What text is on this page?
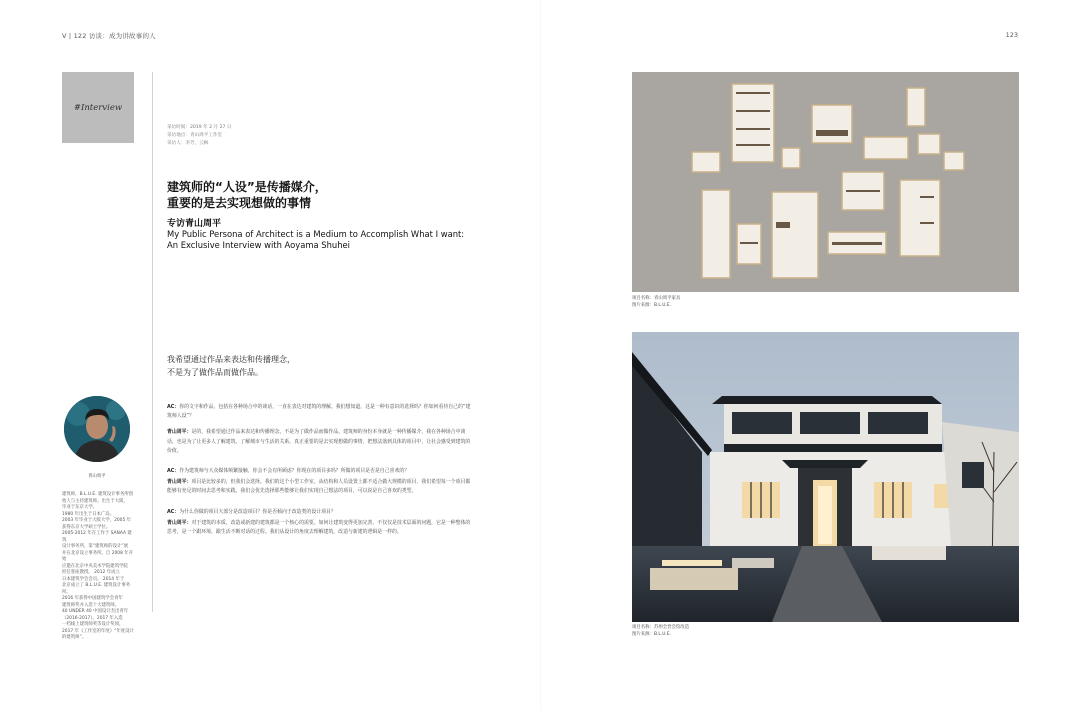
V | 122 访谈：成为讲故事的人	123
#Interview
采访时间：2019 年 2 月 27 日
采访地点：青山周平工作室
采访人：李芳，云枫
建筑师的“人设”是传播媒介，
重要的是去实现想做的事情
专访青山周平
My Public Persona of Architect is a Medium to Accomplish What I want:
An Exclusive Interview with Aoyama Shuhei
我希望通过作品来表达和传播理念，
不是为了做作品而做作品。
青山周平
建筑师，B.L.U.E. 建筑设计事务所创
始人与主持建筑师。出生于大阪，
毕业于东京大学。
1980 年出生于日本广岛。
2003 年毕业于大阪大学，2005 年
获得东京大学硕士学位。
2005-2012 年在工作于 SANAA 建筑
设计事务所，第“建筑师的设计”展
并在北京设立事务所。自 2008 年开始
应邀在北京中央美术学院建筑学院
担任客座教授。 2012 年成立
日本建筑学会会员。 2014 年于
北京成立了 B.L.U.E. 建筑设计事务所。
2016 年获得中国建筑学会青年
建筑师奖并入选十大建筑师。
40 UNDER 40 中国设计杰出青年
（2016-2017）。2017 年入选
一档线上建筑师奖等设计奖项，
2017 年《工作室的年度》“年度设计
的建筑师”。

AC：你的文字和作品，包括在各种场合中的谈话，一直在表达对建筑的理解。我们想知道，这是一种有意识的选择吗？你如何看待自己的“建筑师人设”？

青山周平：是的，我希望通过作品来表达和传播理念，不是为了做作品而做作品。建筑师的身份本身就是一种传播媒介，我在各种场合中谈话，也是为了让更多人了解建筑、了解城市与生活的关系。真正重要的是去实现想做的事情，把想法落到具体的项目中，让社会感受到建筑的价值。

AC：作为建筑师与大众媒体频繁接触，你会不会有所顾虑？你现在的项目多吗？所做的项目是否是自己喜欢的？

青山周平：项目是比较多的，但我们会选择。我们的这个小型工作室，从结构和人员设置上都不适合做大规模的项目，我们希望每一个项目都能够有充足的时间去思考和实践。我们会优先选择那些能够让我们实现自己想法的项目，可以说是自己喜欢的类型。

AC：为什么你做的项目大部分是改造项目？你是否倾向于改造类的设计项目？

青山周平：对于建筑的本质，改造或新建的建筑都是一个核心的需要。如何让建筑变得更加完善，不仅仅是技术层面的问题，它是一种整体的思考，是一个跟环境、跟生活不断对话的过程。我们从设计的角度去理解建筑，改造与新建的逻辑是一样的。

项目名称：青山周平家具
图片来源：B.L.U.E.
项目名称：苏州全晋会馆改造
图片来源：B.L.U.E.
